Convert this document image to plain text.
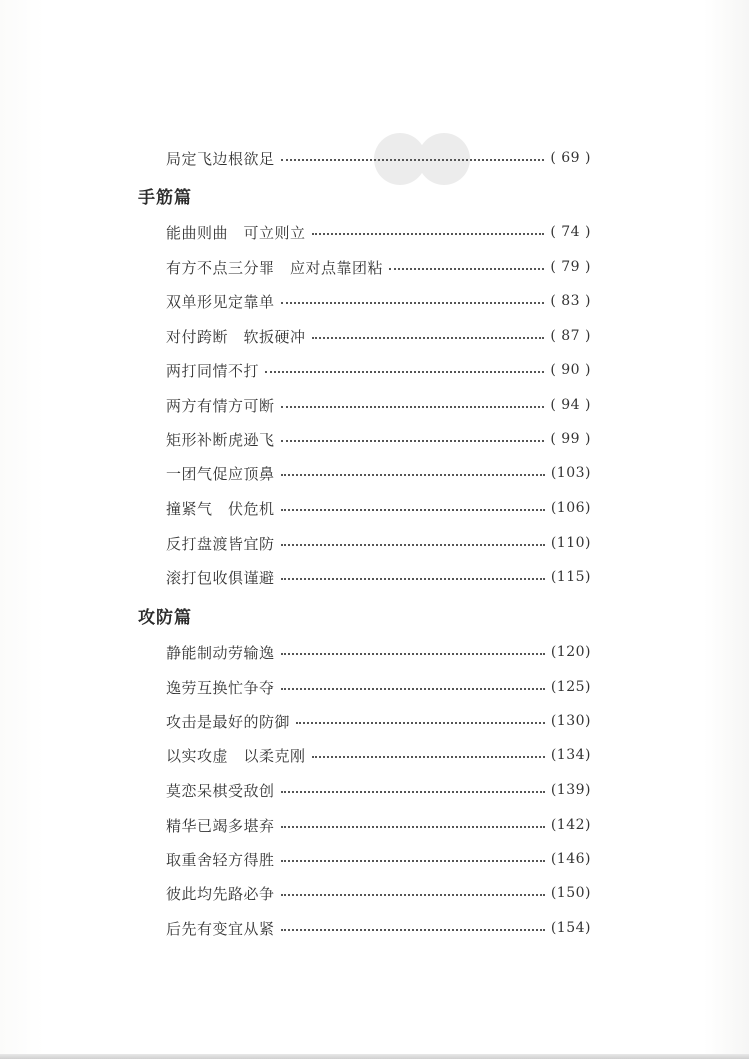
局定飞边根欲足	( 69 )
手筋篇
能曲则曲　可立则立	( 74 )
有方不点三分罪　应对点靠团粘	( 79 )
双单形见定靠单	( 83 )
对付跨断　软扳硬冲	( 87 )
两打同情不打	( 90 )
两方有情方可断	( 94 )
矩形补断虎逊飞	( 99 )
一团气促应顶鼻	(103)
撞紧气　伏危机	(106)
反打盘渡皆宜防	(110)
滚打包收俱谨避	(115)
攻防篇
静能制动劳输逸	(120)
逸劳互换忙争夺	(125)
攻击是最好的防御	(130)
以实攻虚　以柔克刚	(134)
莫恋呆棋受敌创	(139)
精华已竭多堪弃	(142)
取重舍轻方得胜	(146)
彼此均先路必争	(150)
后先有变宜从紧	(154)
